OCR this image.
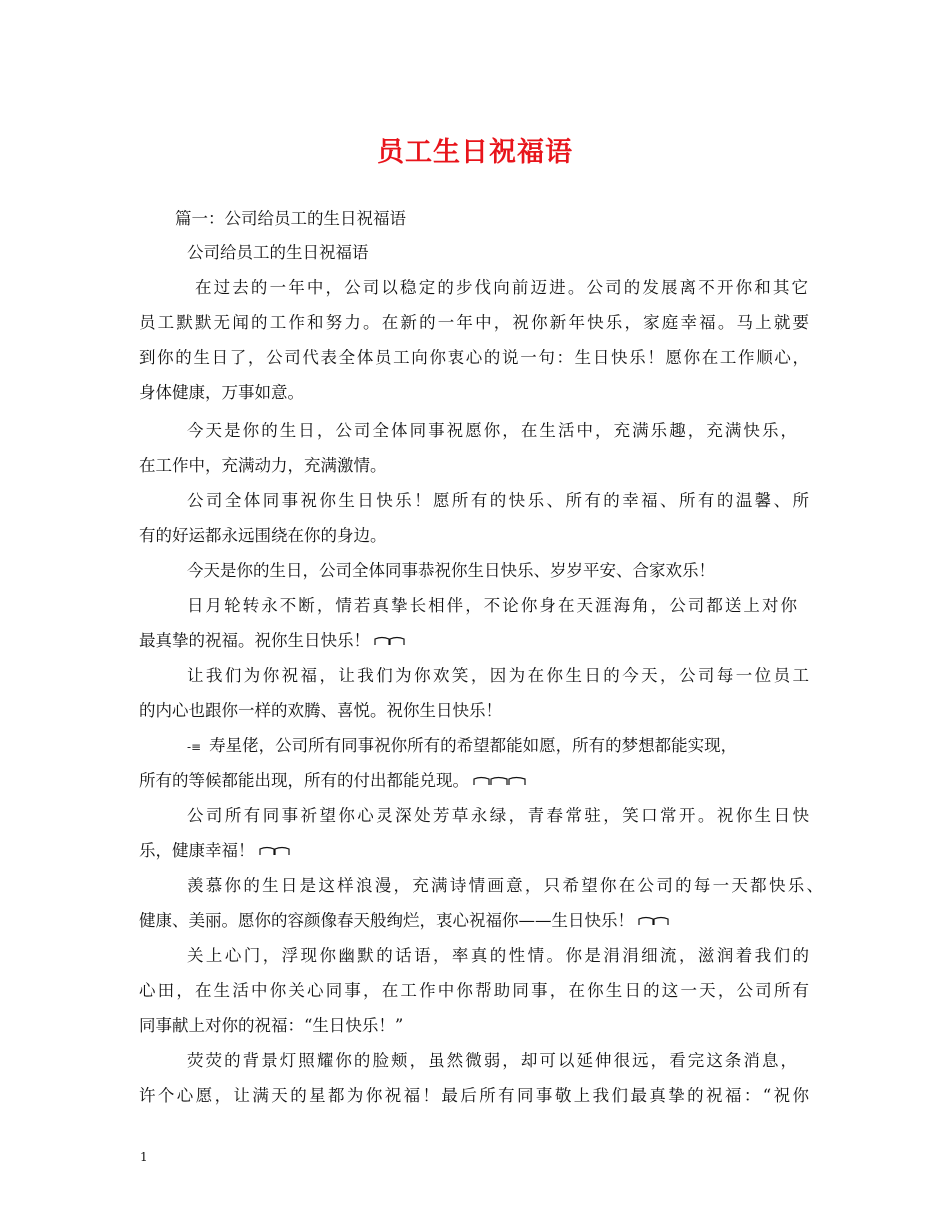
员工生日祝福语
篇一：公司给员工的生日祝福语
公司给员工的生日祝福语
在过去的一年中，公司以稳定的步伐向前迈进。公司的发展离不开你和其它
员工默默无闻的工作和努力。在新的一年中，祝你新年快乐，家庭幸福。马上就要
到你的生日了，公司代表全体员工向你衷心的说一句：生日快乐！愿你在工作顺心，
身体健康，万事如意。
今天是你的生日，公司全体同事祝愿你，在生活中，充满乐趣，充满快乐，
在工作中，充满动力，充满激情。
公司全体同事祝你生日快乐！愿所有的快乐、所有的幸福、所有的温馨、所
有的好运都永远围绕在你的身边。
今天是你的生日，公司全体同事恭祝你生日快乐、岁岁平安、合家欢乐！
日月轮转永不断，情若真挚长相伴，不论你身在天涯海角，公司都送上对你
最真挚的祝福。祝你生日快乐！
让我们为你祝福，让我们为你欢笑，因为在你生日的今天，公司每一位员工
的内心也跟你一样的欢腾、喜悦。祝你生日快乐！
-≡ 寿星佬，公司所有同事祝你所有的希望都能如愿，所有的梦想都能实现，
所有的等候都能出现，所有的付出都能兑现。
公司所有同事祈望你心灵深处芳草永绿，青春常驻，笑口常开。祝你生日快
乐，健康幸福！
羡慕你的生日是这样浪漫，充满诗情画意，只希望你在公司的每一天都快乐、
健康、美丽。愿你的容颜像春天般绚烂，衷心祝福你——生日快乐！
关上心门，浮现你幽默的话语，率真的性情。你是涓涓细流，滋润着我们的
心田，在生活中你关心同事，在工作中你帮助同事，在你生日的这一天，公司所有
同事献上对你的祝福：“生日快乐！”
荧荧的背景灯照耀你的脸颊，虽然微弱，却可以延伸很远，看完这条消息，
许个心愿，让满天的星都为你祝福！最后所有同事敬上我们最真挚的祝福：“祝你
1
